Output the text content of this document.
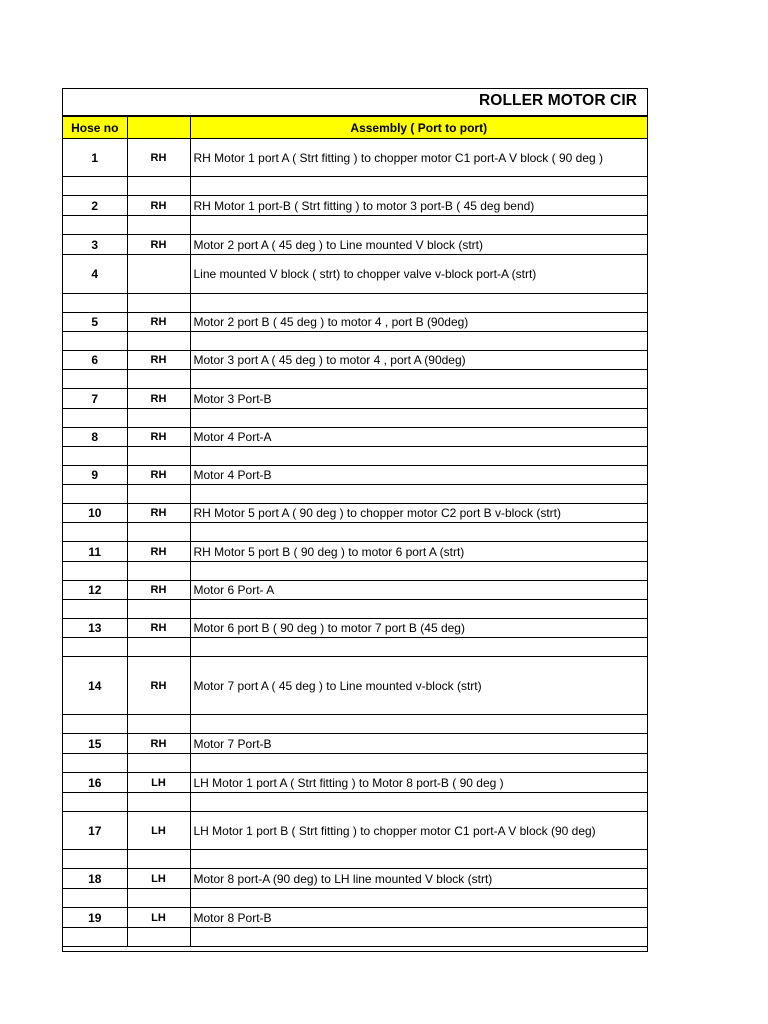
ROLLER MOTOR CIR
Hose no		Assembly ( Port to port)
1	RH	RH Motor 1 port A ( Strt fitting ) to chopper motor C1 port-A V block ( 90 deg )

2	RH	RH Motor 1 port-B ( Strt fitting ) to motor 3 port-B ( 45 deg bend)

3	RH	Motor 2 port A ( 45 deg ) to Line mounted V block (strt)
4		Line mounted V block ( strt) to chopper valve v-block port-A (strt)

5	RH	Motor 2 port B ( 45 deg ) to motor 4 , port B (90deg)

6	RH	Motor 3 port A ( 45 deg ) to motor 4 , port A (90deg)

7	RH	Motor 3 Port-B

8	RH	Motor 4 Port-A

9	RH	Motor 4 Port-B

10	RH	RH Motor 5 port A ( 90 deg ) to chopper motor C2 port B v-block (strt)

11	RH	RH Motor 5 port B ( 90 deg ) to motor 6 port A (strt)

12	RH	Motor 6 Port- A

13	RH	Motor 6 port B ( 90 deg ) to motor 7 port B (45 deg)

14	RH	Motor 7 port A ( 45 deg ) to Line mounted v-block (strt)

15	RH	Motor 7 Port-B

16	LH	LH Motor 1 port A ( Strt fitting ) to Motor 8 port-B ( 90 deg )

17	LH	LH Motor 1 port B ( Strt fitting ) to chopper motor C1 port-A V block (90 deg)

18	LH	Motor 8 port-A (90 deg) to LH line mounted V block (strt)

19	LH	Motor 8 Port-B
